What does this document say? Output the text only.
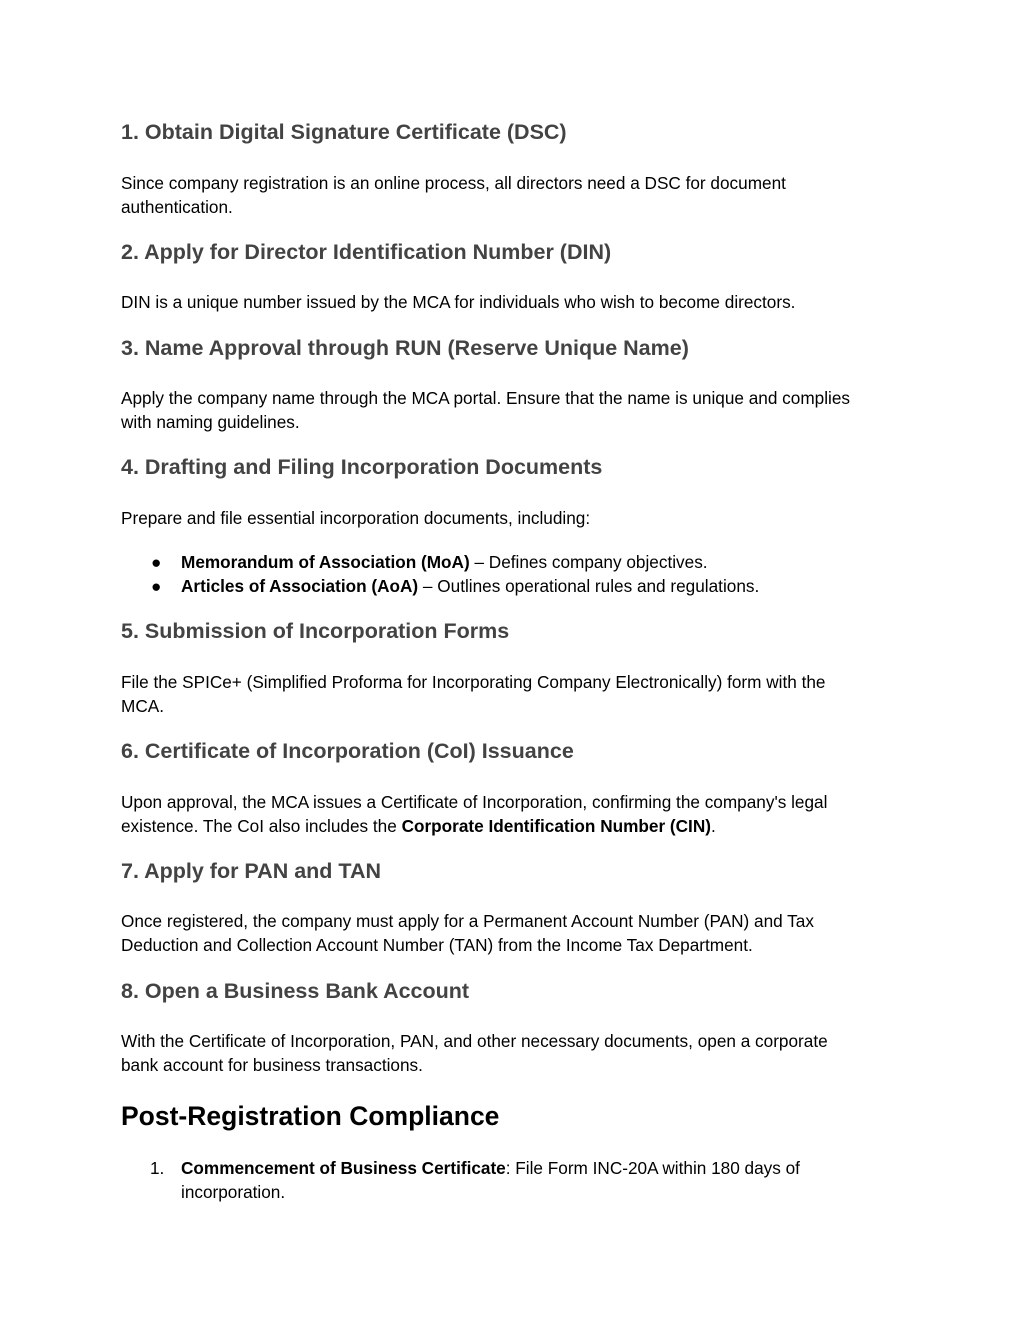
1. Obtain Digital Signature Certificate (DSC)

Since company registration is an online process, all directors need a DSC for document
authentication.

2. Apply for Director Identification Number (DIN)

DIN is a unique number issued by the MCA for individuals who wish to become directors.

3. Name Approval through RUN (Reserve Unique Name)

Apply the company name through the MCA portal. Ensure that the name is unique and complies
with naming guidelines.

4. Drafting and Filing Incorporation Documents

Prepare and file essential incorporation documents, including:

● Memorandum of Association (MoA) – Defines company objectives.
● Articles of Association (AoA) – Outlines operational rules and regulations.
5. Submission of Incorporation Forms

File the SPICe+ (Simplified Proforma for Incorporating Company Electronically) form with the
MCA.

6. Certificate of Incorporation (CoI) Issuance

Upon approval, the MCA issues a Certificate of Incorporation, confirming the company's legal
existence. The CoI also includes the Corporate Identification Number (CIN).

7. Apply for PAN and TAN

Once registered, the company must apply for a Permanent Account Number (PAN) and Tax
Deduction and Collection Account Number (TAN) from the Income Tax Department.

8. Open a Business Bank Account

With the Certificate of Incorporation, PAN, and other necessary documents, open a corporate
bank account for business transactions.

Post-Registration Compliance
1. Commencement of Business Certificate: File Form INC-20A within 180 days of
incorporation.
